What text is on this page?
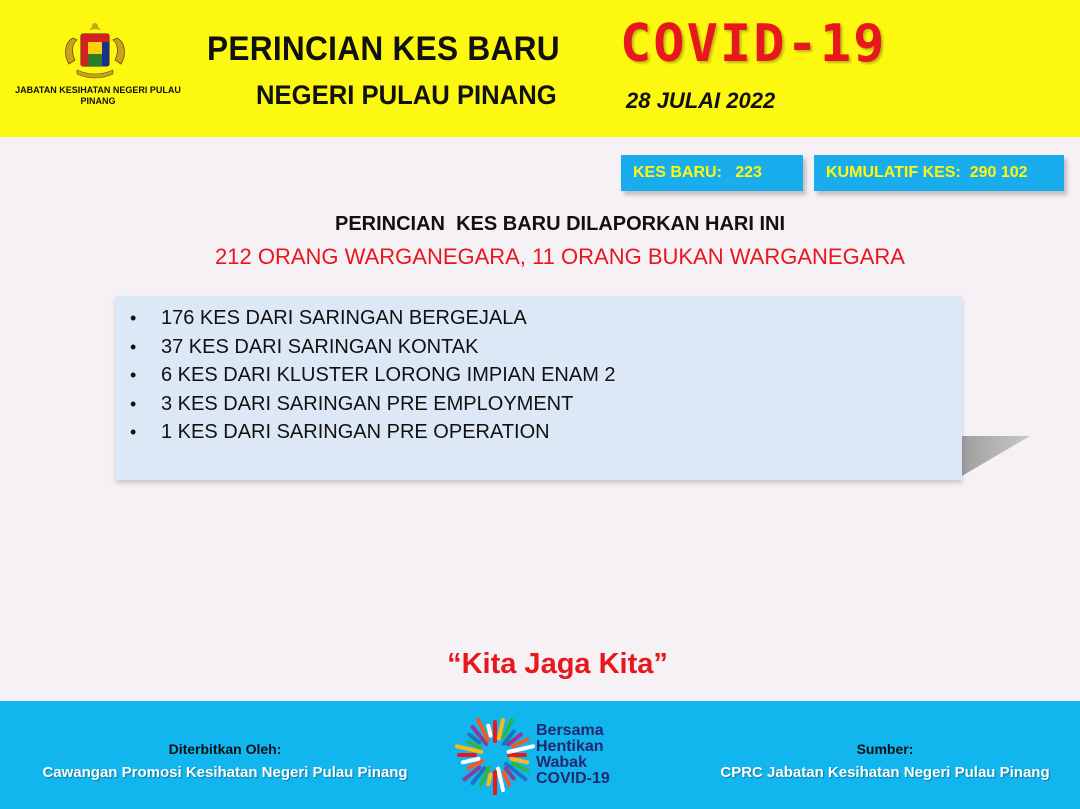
JABATAN KESIHATAN NEGERI PULAU PINANG
PERINCIAN KES BARU COVID-19
NEGERI PULAU PINANG	28 JULAI 2022
KES BARU:   223	KUMULATIF KES:  290 102
PERINCIAN  KES BARU DILAPORKAN HARI INI
212 ORANG WARGANEGARA, 11 ORANG BUKAN WARGANEGARA
• 176 KES DARI SARINGAN BERGEJALA
• 37 KES DARI SARINGAN KONTAK
• 6 KES DARI KLUSTER LORONG IMPIAN ENAM 2
• 3 KES DARI SARINGAN PRE EMPLOYMENT
• 1 KES DARI SARINGAN PRE OPERATION
“Kita Jaga Kita”
Diterbitkan Oleh:
Cawangan Promosi Kesihatan Negeri Pulau Pinang
Bersama
Hentikan
Wabak
COVID-19
Sumber:
CPRC Jabatan Kesihatan Negeri Pulau Pinang
